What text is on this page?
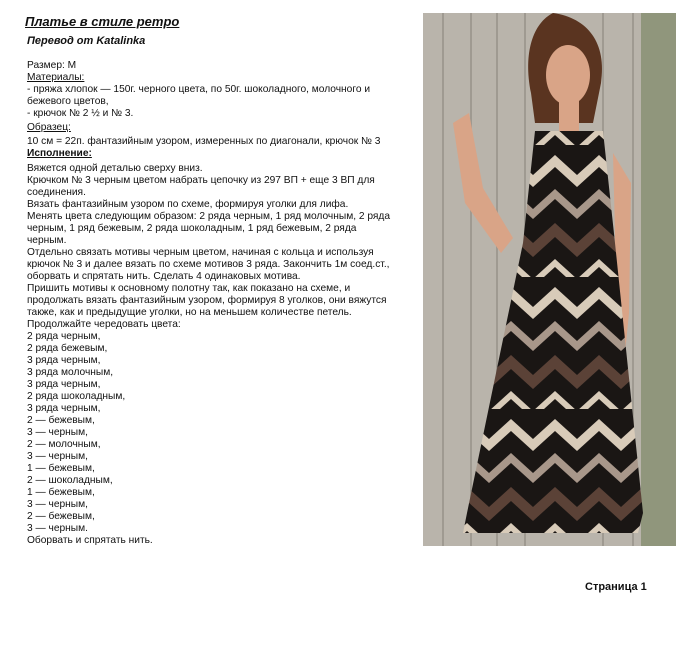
Платье в стиле ретро
Перевод от Katalinka

Размер: М

Материалы:

- пряжа хлопок — 150г. черного цвета, по 50г. шоколадного, молочного и
бежевого цветов,
- крючок № 2 ½ и № 3.

Образец:

10 см = 22п. фантазийным узором, измеренных по диагонали, крючок № 3

Исполнение:

Вяжется одной деталью сверху вниз.

Крючком № 3 черным цветом набрать цепочку из 297 ВП + еще 3 ВП для

соединения.

Вязать фантазийным узором по схеме, формируя уголки для лифа.

Менять цвета следующим образом: 2 ряда черным, 1 ряд молочным, 2 ряда

черным, 1 ряд бежевым, 2 ряда шоколадным, 1 ряд бежевым, 2 ряда

черным.

Отдельно связать мотивы черным цветом, начиная с кольца и используя

крючок № 3 и далее вязать по схеме мотивов 3 ряда. Закончить 1м соед.ст.,

оборвать и спрятать нить. Сделать 4 одинаковых мотива.

Пришить мотивы к основному полотну так, как показано на схеме, и

продолжать вязать фантазийным узором, формируя 8 уголков, они вяжутся

также, как и предыдущие уголки, но на меньшем количестве петель.

Продолжайте чередовать цвета:

2 ряда черным,

2 ряда бежевым,

3 ряда черным,

3 ряда молочным,

3 ряда черным,

2 ряда шоколадным,

3 ряда черным,

2 — бежевым,

3 — черным,

2 — молочным,

3 — черным,

1 — бежевым,

2 — шоколадным,

1 — бежевым,

3 — черным,

2 — бежевым,

3 — черным.

Оборвать и спрятать нить.

Страница 1
